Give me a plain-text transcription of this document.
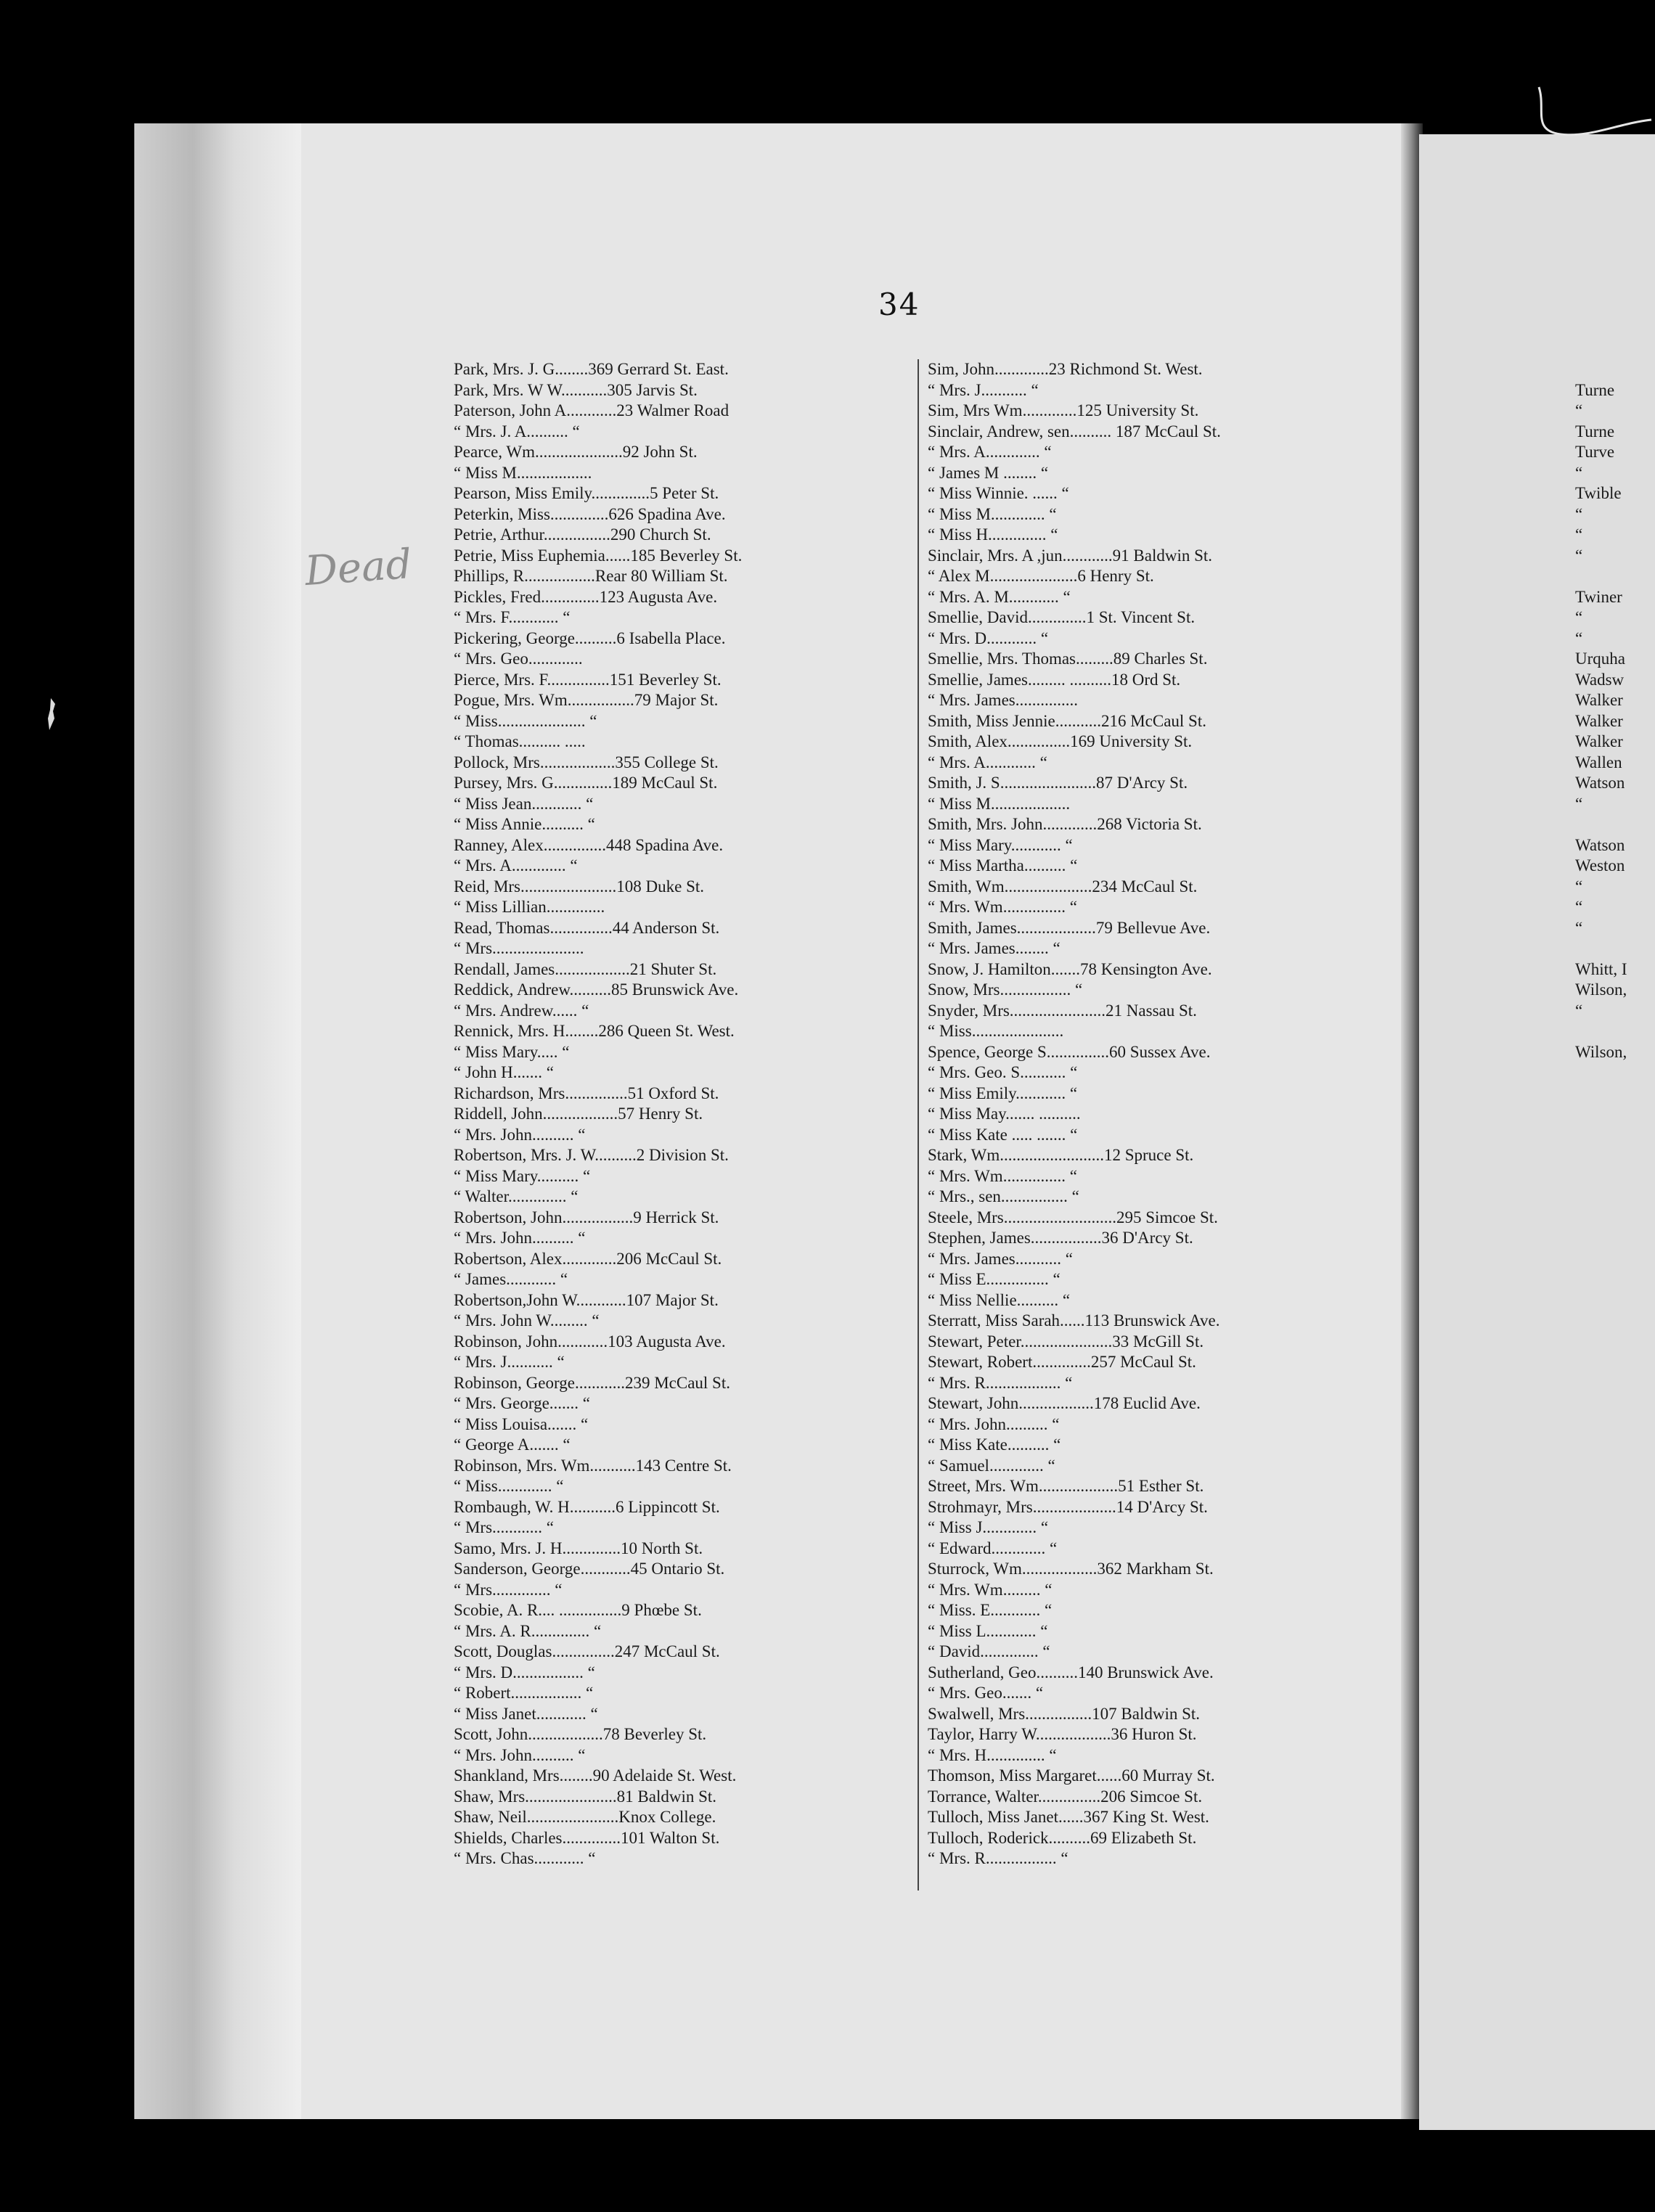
34
Dead
Park, Mrs. J. G........369 Gerrard St. East.
Park, Mrs. W W...........305 Jarvis St.
Paterson, John A............23 Walmer Road
“ Mrs. J. A.......... “
Pearce, Wm.....................92 John St.
“ Miss M..................
Pearson, Miss Emily..............5 Peter St.
Peterkin, Miss..............626 Spadina Ave.
Petrie, Arthur................290 Church St.
Petrie, Miss Euphemia......185 Beverley St.
Phillips, R.................Rear 80 William St.
Pickles, Fred..............123 Augusta Ave.
“ Mrs. F............ “
Pickering, George..........6 Isabella Place.
“ Mrs. Geo.............
Pierce, Mrs. F...............151 Beverley St.
Pogue, Mrs. Wm................79 Major St.
“ Miss..................... “
“ Thomas.......... .....
Pollock, Mrs..................355 College St.
Pursey, Mrs. G..............189 McCaul St.
“ Miss Jean............ “
“ Miss Annie.......... “
Ranney, Alex...............448 Spadina Ave.
“ Mrs. A............. “
Reid, Mrs.......................108 Duke St.
“ Miss Lillian..............
Read, Thomas...............44 Anderson St.
“ Mrs......................
Rendall, James..................21 Shuter St.
Reddick, Andrew..........85 Brunswick Ave.
“ Mrs. Andrew...... “
Rennick, Mrs. H........286 Queen St. West.
“ Miss Mary..... “
“ John H....... “
Richardson, Mrs...............51 Oxford St.
Riddell, John..................57 Henry St.
“ Mrs. John.......... “
Robertson, Mrs. J. W..........2 Division St.
“ Miss Mary.......... “
“ Walter.............. “
Robertson, John.................9 Herrick St.
“ Mrs. John.......... “
Robertson, Alex.............206 McCaul St.
“ James............ “
Robertson,John W............107 Major St.
“ Mrs. John W......... “
Robinson, John............103 Augusta Ave.
“ Mrs. J........... “
Robinson, George............239 McCaul St.
“ Mrs. George....... “
“ Miss Louisa....... “
“ George A....... “
Robinson, Mrs. Wm...........143 Centre St.
“ Miss............. “
Rombaugh, W. H...........6 Lippincott St.
“ Mrs............ “
Samo, Mrs. J. H..............10 North St.
Sanderson, George............45 Ontario St.
“ Mrs.............. “
Scobie, A. R.... ...............9 Phœbe St.
“ Mrs. A. R.............. “
Scott, Douglas...............247 McCaul St.
“ Mrs. D................. “
“ Robert................. “
“ Miss Janet............ “
Scott, John..................78 Beverley St.
“ Mrs. John.......... “
Shankland, Mrs........90 Adelaide St. West.
Shaw, Mrs......................81 Baldwin St.
Shaw, Neil......................Knox College.
Shields, Charles..............101 Walton St.
“ Mrs. Chas............ “
Sim, John.............23 Richmond St. West.
“ Mrs. J........... “
Sim, Mrs Wm.............125 University St.
Sinclair, Andrew, sen.......... 187 McCaul St.
“ Mrs. A............. “
“ James M ........ “
“ Miss Winnie. ...... “
“ Miss M............. “
“ Miss H.............. “
Sinclair, Mrs. A ,jun............91 Baldwin St.
“ Alex M.....................6 Henry St.
“ Mrs. A. M............ “
Smellie, David..............1 St. Vincent St.
“ Mrs. D............ “
Smellie, Mrs. Thomas.........89 Charles St.
Smellie, James......... ..........18 Ord St.
“ Mrs. James...............
Smith, Miss Jennie...........216 McCaul St.
Smith, Alex...............169 University St.
“ Mrs. A............ “
Smith, J. S.......................87 D'Arcy St.
“ Miss M...................
Smith, Mrs. John.............268 Victoria St.
“ Miss Mary............ “
“ Miss Martha.......... “
Smith, Wm.....................234 McCaul St.
“ Mrs. Wm............... “
Smith, James...................79 Bellevue Ave.
“ Mrs. James........ “
Snow, J. Hamilton.......78 Kensington Ave.
Snow, Mrs................. “
Snyder, Mrs.......................21 Nassau St.
“ Miss......................
Spence, George S...............60 Sussex Ave.
“ Mrs. Geo. S........... “
“ Miss Emily............ “
“ Miss May....... ..........
“ Miss Kate ..... ....... “
Stark, Wm.........................12 Spruce St.
“ Mrs. Wm............... “
“ Mrs., sen................ “
Steele, Mrs...........................295 Simcoe St.
Stephen, James.................36 D'Arcy St.
“ Mrs. James........... “
“ Miss E............... “
“ Miss Nellie.......... “
Sterratt, Miss Sarah......113 Brunswick Ave.
Stewart, Peter......................33 McGill St.
Stewart, Robert..............257 McCaul St.
“ Mrs. R.................. “
Stewart, John..................178 Euclid Ave.
“ Mrs. John.......... “
“ Miss Kate.......... “
“ Samuel............. “
Street, Mrs. Wm...................51 Esther St.
Strohmayr, Mrs....................14 D'Arcy St.
“ Miss J............. “
“ Edward............. “
Sturrock, Wm..................362 Markham St.
“ Mrs. Wm......... “
“ Miss. E............ “
“ Miss L............ “
“ David.............. “
Sutherland, Geo..........140 Brunswick Ave.
“ Mrs. Geo....... “
Swalwell, Mrs................107 Baldwin St.
Taylor, Harry W..................36 Huron St.
“ Mrs. H.............. “
Thomson, Miss Margaret......60 Murray St.
Torrance, Walter...............206 Simcoe St.
Tulloch, Miss Janet......367 King St. West.
Tulloch, Roderick..........69 Elizabeth St.
“ Mrs. R................. “
Turne
“
Turne
Turve
“
Twible
“
“
“
Twiner
“
“
Urquha
Wadsw
Walker
Walker
Walker
Wallen
Watson
“
Watson
Weston
“
“
“
Whitt, I
Wilson,
“
Wilson,
